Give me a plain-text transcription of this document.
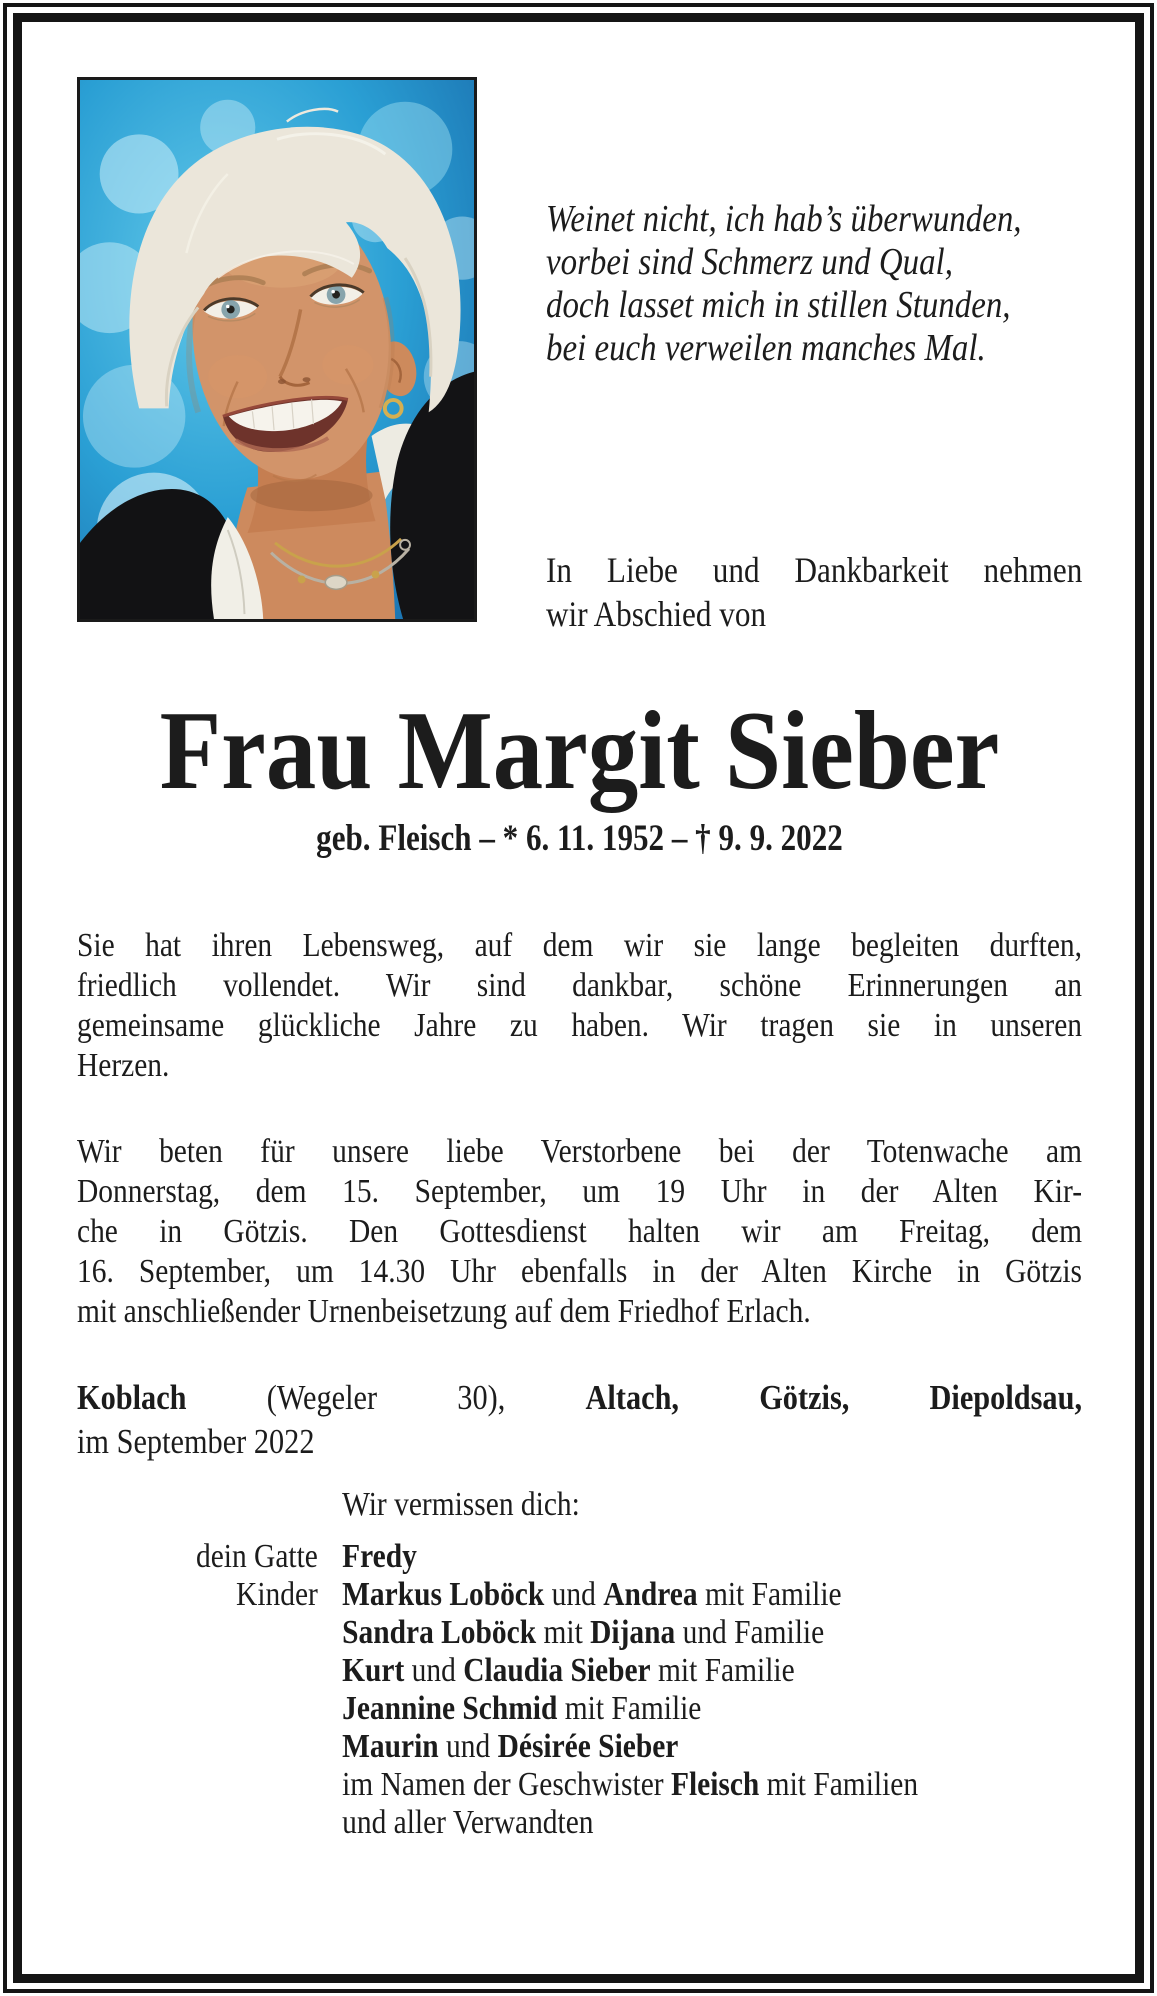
Weinet nicht, ich hab’s überwunden,
vorbei sind Schmerz und Qual,
doch lasset mich in stillen Stunden,
bei euch verweilen manches Mal.
In Liebe und Dankbarkeit nehmen
wir Abschied von
Frau Margit Sieber
geb. Fleisch – * 6. 11. 1952 – † 9. 9. 2022
Sie hat ihren Lebensweg, auf dem wir sie lange begleiten durften,
friedlich vollendet. Wir sind dankbar, schöne Erinnerungen an
gemeinsame glückliche Jahre zu haben. Wir tragen sie in unseren
Herzen.
Wir beten für unsere liebe Verstorbene bei der Totenwache am
Donnerstag, dem 15. September, um 19 Uhr in der Alten Kir-
che in Götzis. Den Gottesdienst halten wir am Freitag, dem
16. September, um 14.30 Uhr ebenfalls in der Alten Kirche in Götzis
mit anschließender Urnenbeisetzung auf dem Friedhof Erlach.
Koblach (Wegeler 30), Altach, Götzis, Diepoldsau,
im September 2022
Wir vermissen dich:
dein Gatte Fredy
Kinder Markus Loböck und Andrea mit Familie
Sandra Loböck mit Dijana und Familie
Kurt und Claudia Sieber mit Familie
Jeannine Schmid mit Familie
Maurin und Désirée Sieber
im Namen der Geschwister Fleisch mit Familien
und aller Verwandten
